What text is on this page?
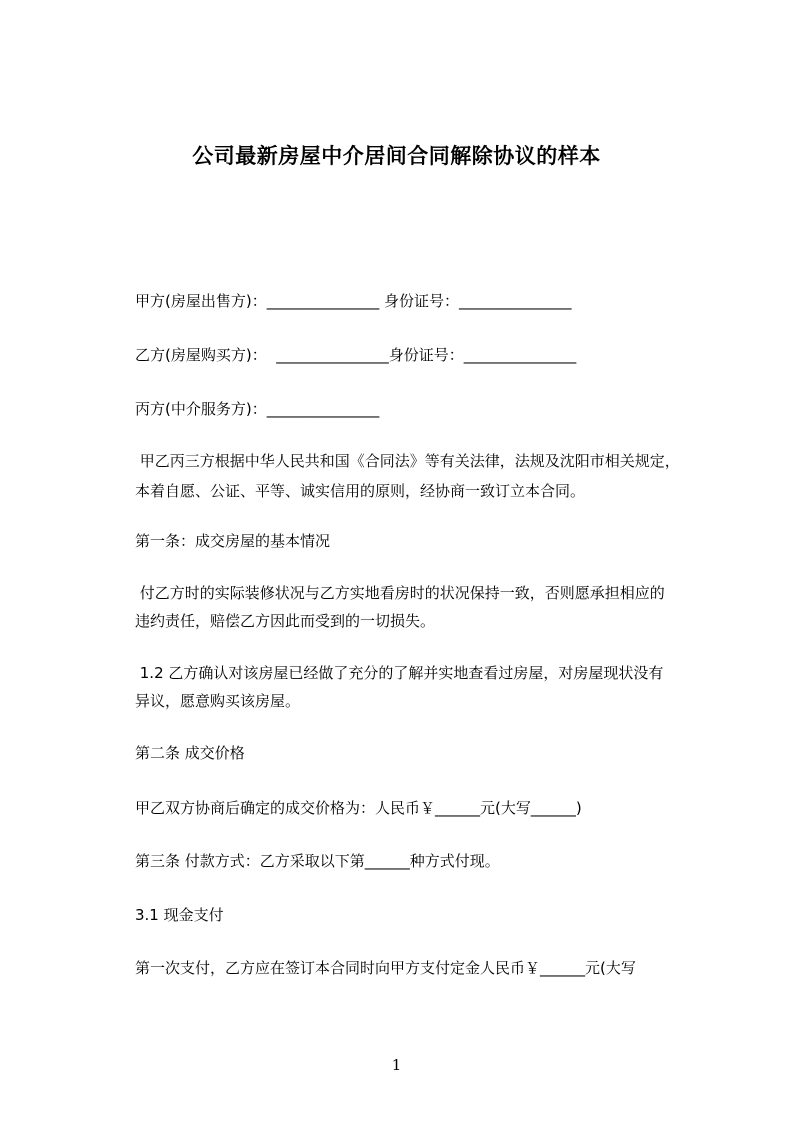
公司最新房屋中介居间合同解除协议的样本
甲方(房屋出售方)：_______________ 身份证号：_______________
乙方(房屋购买方)：  _______________身份证号：_______________
丙方(中介服务方)：_______________
甲乙丙三方根据中华人民共和国《合同法》等有关法律，法规及沈阳市相关规定，
本着自愿、公证、平等、诚实信用的原则，经协商一致订立本合同。
第一条：成交房屋的基本情况
付乙方时的实际装修状况与乙方实地看房时的状况保持一致，否则愿承担相应的
违约责任，赔偿乙方因此而受到的一切损失。
1.2 乙方确认对该房屋已经做了充分的了解并实地查看过房屋，对房屋现状没有
异议，愿意购买该房屋。
第二条 成交价格
甲乙双方协商后确定的成交价格为：人民币￥______元(大写______)
第三条 付款方式：乙方采取以下第______种方式付现。
3.1 现金支付
第一次支付，乙方应在签订本合同时向甲方支付定金人民币￥______元(大写
1
